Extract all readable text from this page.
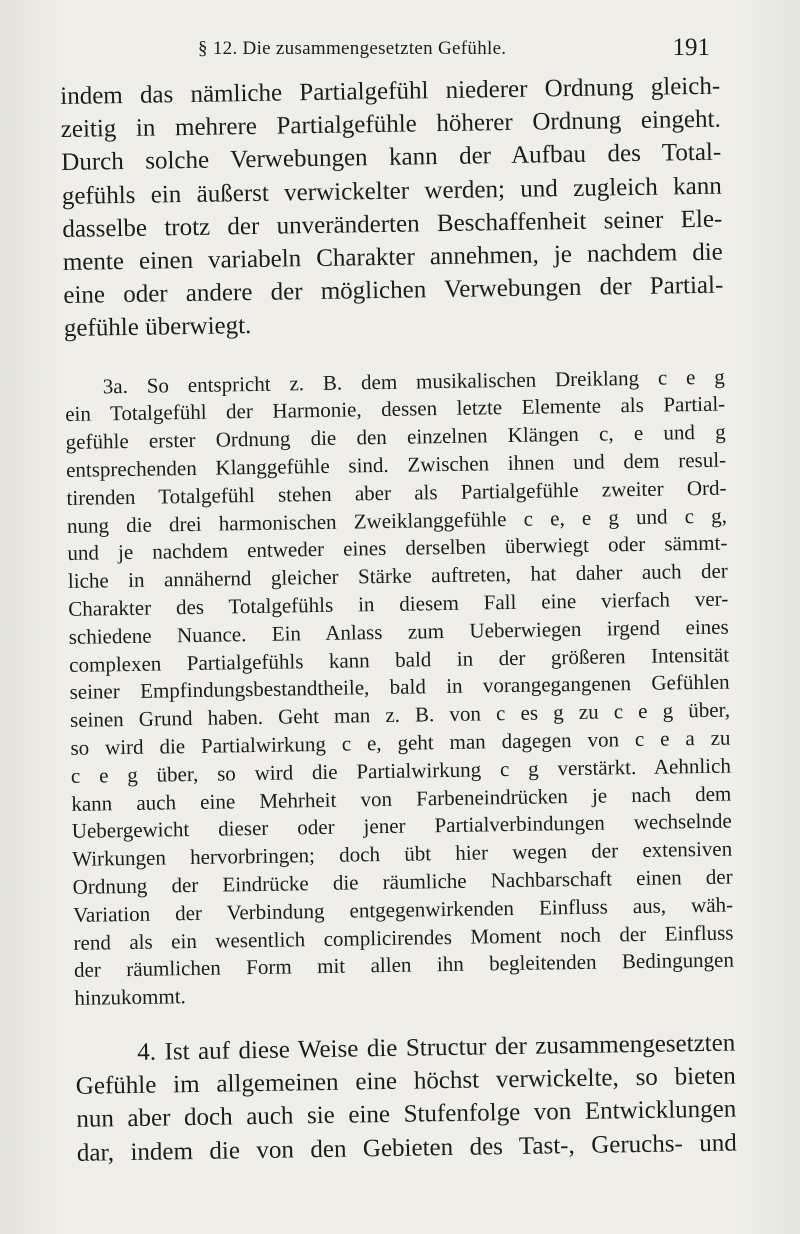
§ 12. Die zusammengesetzten Gefühle.	191

indem das nämliche Partialgefühl niederer Ordnung gleich-

zeitig in mehrere Partialgefühle höherer Ordnung eingeht.

Durch solche Verwebungen kann der Aufbau des Total-

gefühls ein äußerst verwickelter werden; und zugleich kann

dasselbe trotz der unveränderten Beschaffenheit seiner Ele-

mente einen variabeln Charakter annehmen, je nachdem die

eine oder andere der möglichen Verwebungen der Partial-

gefühle überwiegt.

3a. So entspricht z. B. dem musikalischen Dreiklang c e g

ein Totalgefühl der Harmonie, dessen letzte Elemente als Partial-

gefühle erster Ordnung die den einzelnen Klängen c, e und g

entsprechenden Klanggefühle sind. Zwischen ihnen und dem resul-

tirenden Totalgefühl stehen aber als Partialgefühle zweiter Ord-

nung die drei harmonischen Zweiklanggefühle c e, e g und c g,

und je nachdem entweder eines derselben überwiegt oder sämmt-

liche in annähernd gleicher Stärke auftreten, hat daher auch der

Charakter des Totalgefühls in diesem Fall eine vierfach ver-

schiedene Nuance. Ein Anlass zum Ueberwiegen irgend eines

complexen Partialgefühls kann bald in der größeren Intensität

seiner Empfindungsbestandtheile, bald in vorangegangenen Gefühlen

seinen Grund haben. Geht man z. B. von c es g zu c e g über,

so wird die Partialwirkung c e, geht man dagegen von c e a zu

c e g über, so wird die Partialwirkung c g verstärkt. Aehnlich

kann auch eine Mehrheit von Farbeneindrücken je nach dem

Uebergewicht dieser oder jener Partialverbindungen wechselnde

Wirkungen hervorbringen; doch übt hier wegen der extensiven

Ordnung der Eindrücke die räumliche Nachbarschaft einen der

Variation der Verbindung entgegenwirkenden Einfluss aus, wäh-

rend als ein wesentlich complicirendes Moment noch der Einfluss

der räumlichen Form mit allen ihn begleitenden Bedingungen

hinzukommt.

4. Ist auf diese Weise die Structur der zusammengesetzten

Gefühle im allgemeinen eine höchst verwickelte, so bieten

nun aber doch auch sie eine Stufenfolge von Entwicklungen

dar, indem die von den Gebieten des Tast-, Geruchs- und
